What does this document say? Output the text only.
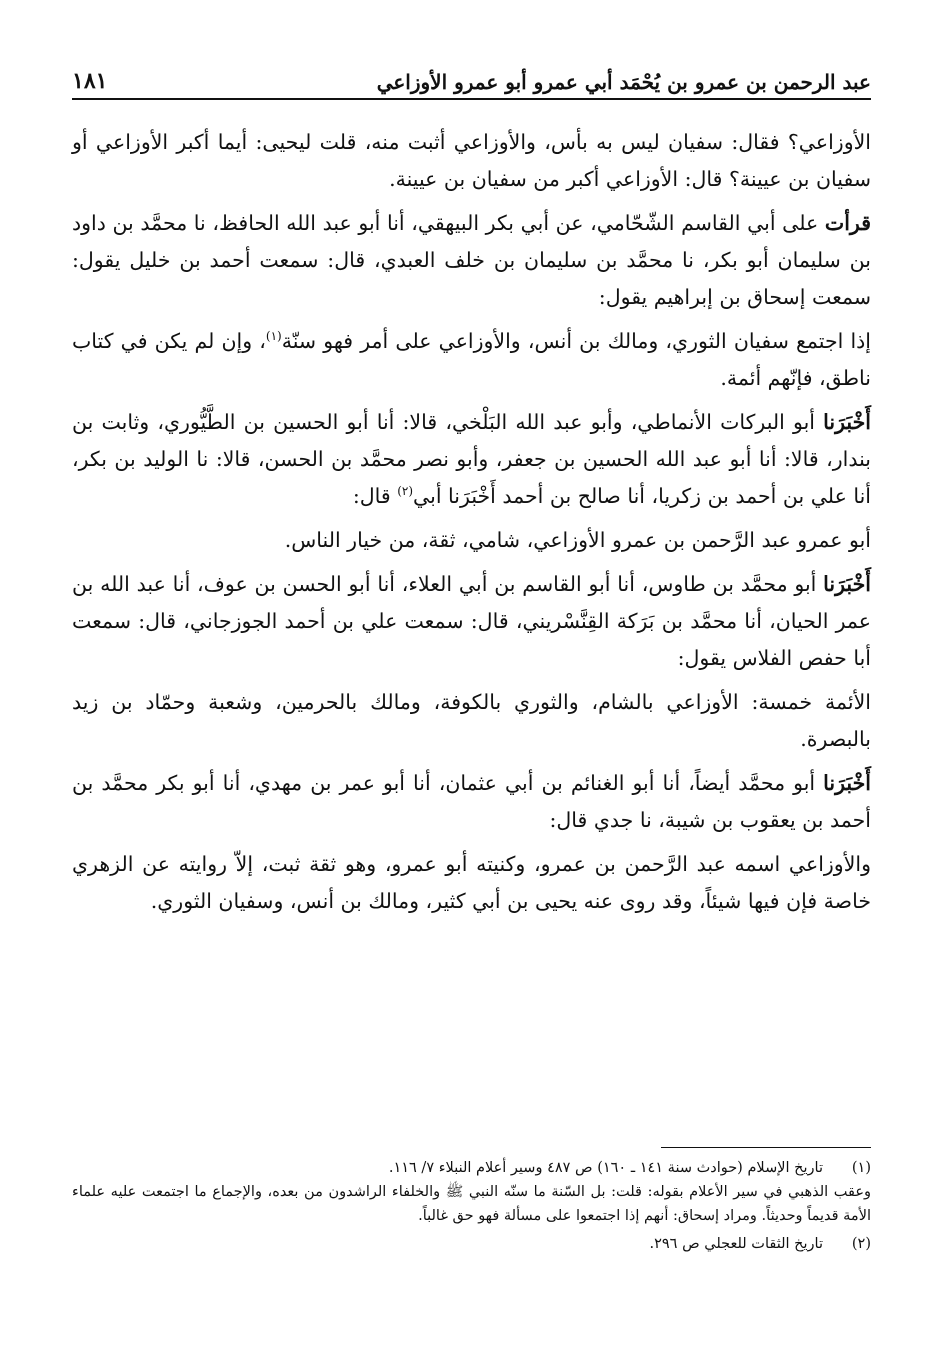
عبد الرحمن بن عمرو بن يُحْمَد أبي عمرو أبو عمرو الأوزاعي
١٨١

الأوزاعي؟ فقال: سفيان ليس به بأس، والأوزاعي أثبت منه، قلت ليحيى: أيما أكبر الأوزاعي أو سفيان بن عيينة؟ قال: الأوزاعي أكبر من سفيان بن عيينة.

قرأت على أبي القاسم الشّحّامي، عن أبي بكر البيهقي، أنا أبو عبد الله الحافظ، نا محمَّد بن داود بن سليمان أبو بكر، نا محمَّد بن سليمان بن خلف العبدي، قال: سمعت أحمد بن خليل يقول: سمعت إسحاق بن إبراهيم يقول:

إذا اجتمع سفيان الثوري، ومالك بن أنس، والأوزاعي على أمر فهو سنّة$^{(١)}$، وإن لم يكن في كتاب ناطق، فإنّهم أئمة.

أَخْبَرَنا أبو البركات الأنماطي، وأبو عبد الله البَلْخي، قالا: أنا أبو الحسين بن الطَّيُّوري، وثابت بن بندار، قالا: أنا أبو عبد الله الحسين بن جعفر، وأبو نصر محمَّد بن الحسن، قالا: نا الوليد بن بكر، أنا علي بن أحمد بن زكريا، أنا صالح بن أحمد أَخْبَرَنا أبي$^{(٢)}$ قال:

أبو عمرو عبد الرَّحمن بن عمرو الأوزاعي، شامي، ثقة، من خيار الناس.

أَخْبَرَنا أبو محمَّد بن طاوس، أنا أبو القاسم بن أبي العلاء، أنا أبو الحسن بن عوف، أنا عبد الله بن عمر الحيان، أنا محمَّد بن بَرَكة القِنَّسْريني، قال: سمعت علي بن أحمد الجوزجاني، قال: سمعت أبا حفص الفلاس يقول:

الأئمة خمسة: الأوزاعي بالشام، والثوري بالكوفة، ومالك بالحرمين، وشعبة وحمّاد بن زيد بالبصرة.

أَخْبَرَنا أبو محمَّد أيضاً، أنا أبو الغنائم بن أبي عثمان، أنا أبو عمر بن مهدي، أنا أبو بكر محمَّد بن أحمد بن يعقوب بن شيبة، نا جدي قال:

والأوزاعي اسمه عبد الرَّحمن بن عمرو، وكنيته أبو عمرو، وهو ثقة ثبت، إلاّ روايته عن الزهري خاصة فإن فيها شيئاً، وقد روى عنه يحيى بن أبي كثير، ومالك بن أنس، وسفيان الثوري.

(١)
تاريخ الإسلام (حوادث سنة ١٤١ ـ ١٦٠) ص ٤٨٧ وسير أعلام النبلاء ٧/ ١١٦.

وعقب الذهبي في سير الأعلام بقوله: قلت: بل السّنة ما سنّه النبي ﷺ والخلفاء الراشدون من بعده، والإجماع ما اجتمعت عليه علماء الأمة قديماً وحديثاً. ومراد إسحاق: أنهم إذا اجتمعوا على مسألة فهو حق غالباً.

(٢)
تاريخ الثقات للعجلي ص ٢٩٦.
